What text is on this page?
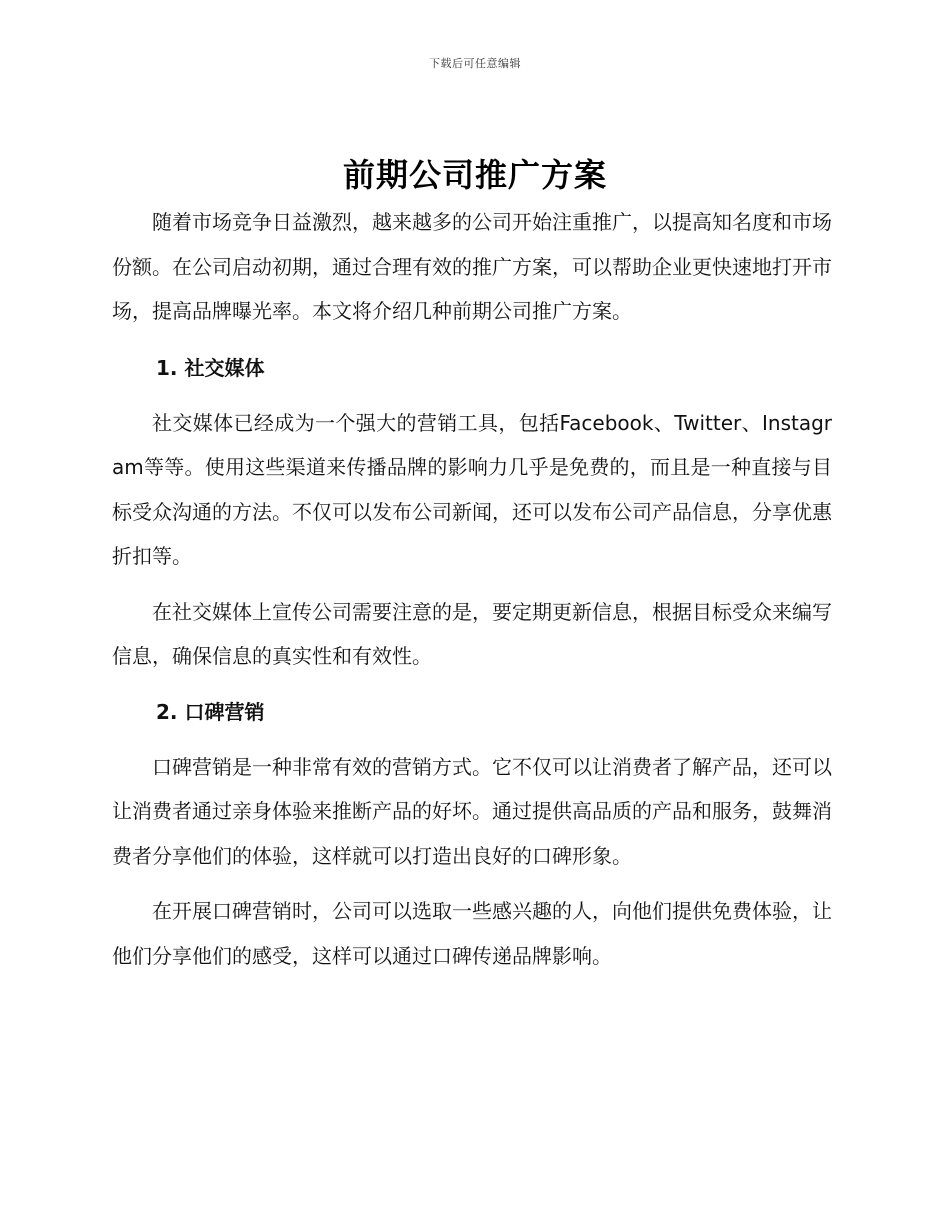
下载后可任意编辑
前期公司推广方案

随着市场竞争日益激烈，越来越多的公司开始注重推广，以提高知名度和市场份额。在公司启动初期，通过合理有效的推广方案，可以帮助企业更快速地打开市场，提高品牌曝光率。本文将介绍几种前期公司推广方案。

1. 社交媒体

社交媒体已经成为一个强大的营销工具，包括Facebook、Twitter、Instagram等等。使用这些渠道来传播品牌的影响力几乎是免费的，而且是一种直接与目标受众沟通的方法。不仅可以发布公司新闻，还可以发布公司产品信息，分享优惠折扣等。

在社交媒体上宣传公司需要注意的是，要定期更新信息，根据目标受众来编写信息，确保信息的真实性和有效性。

2. 口碑营销

口碑营销是一种非常有效的营销方式。它不仅可以让消费者了解产品，还可以让消费者通过亲身体验来推断产品的好坏。通过提供高品质的产品和服务，鼓舞消费者分享他们的体验，这样就可以打造出良好的口碑形象。

在开展口碑营销时，公司可以选取一些感兴趣的人，向他们提供免费体验，让他们分享他们的感受，这样可以通过口碑传递品牌影响。
